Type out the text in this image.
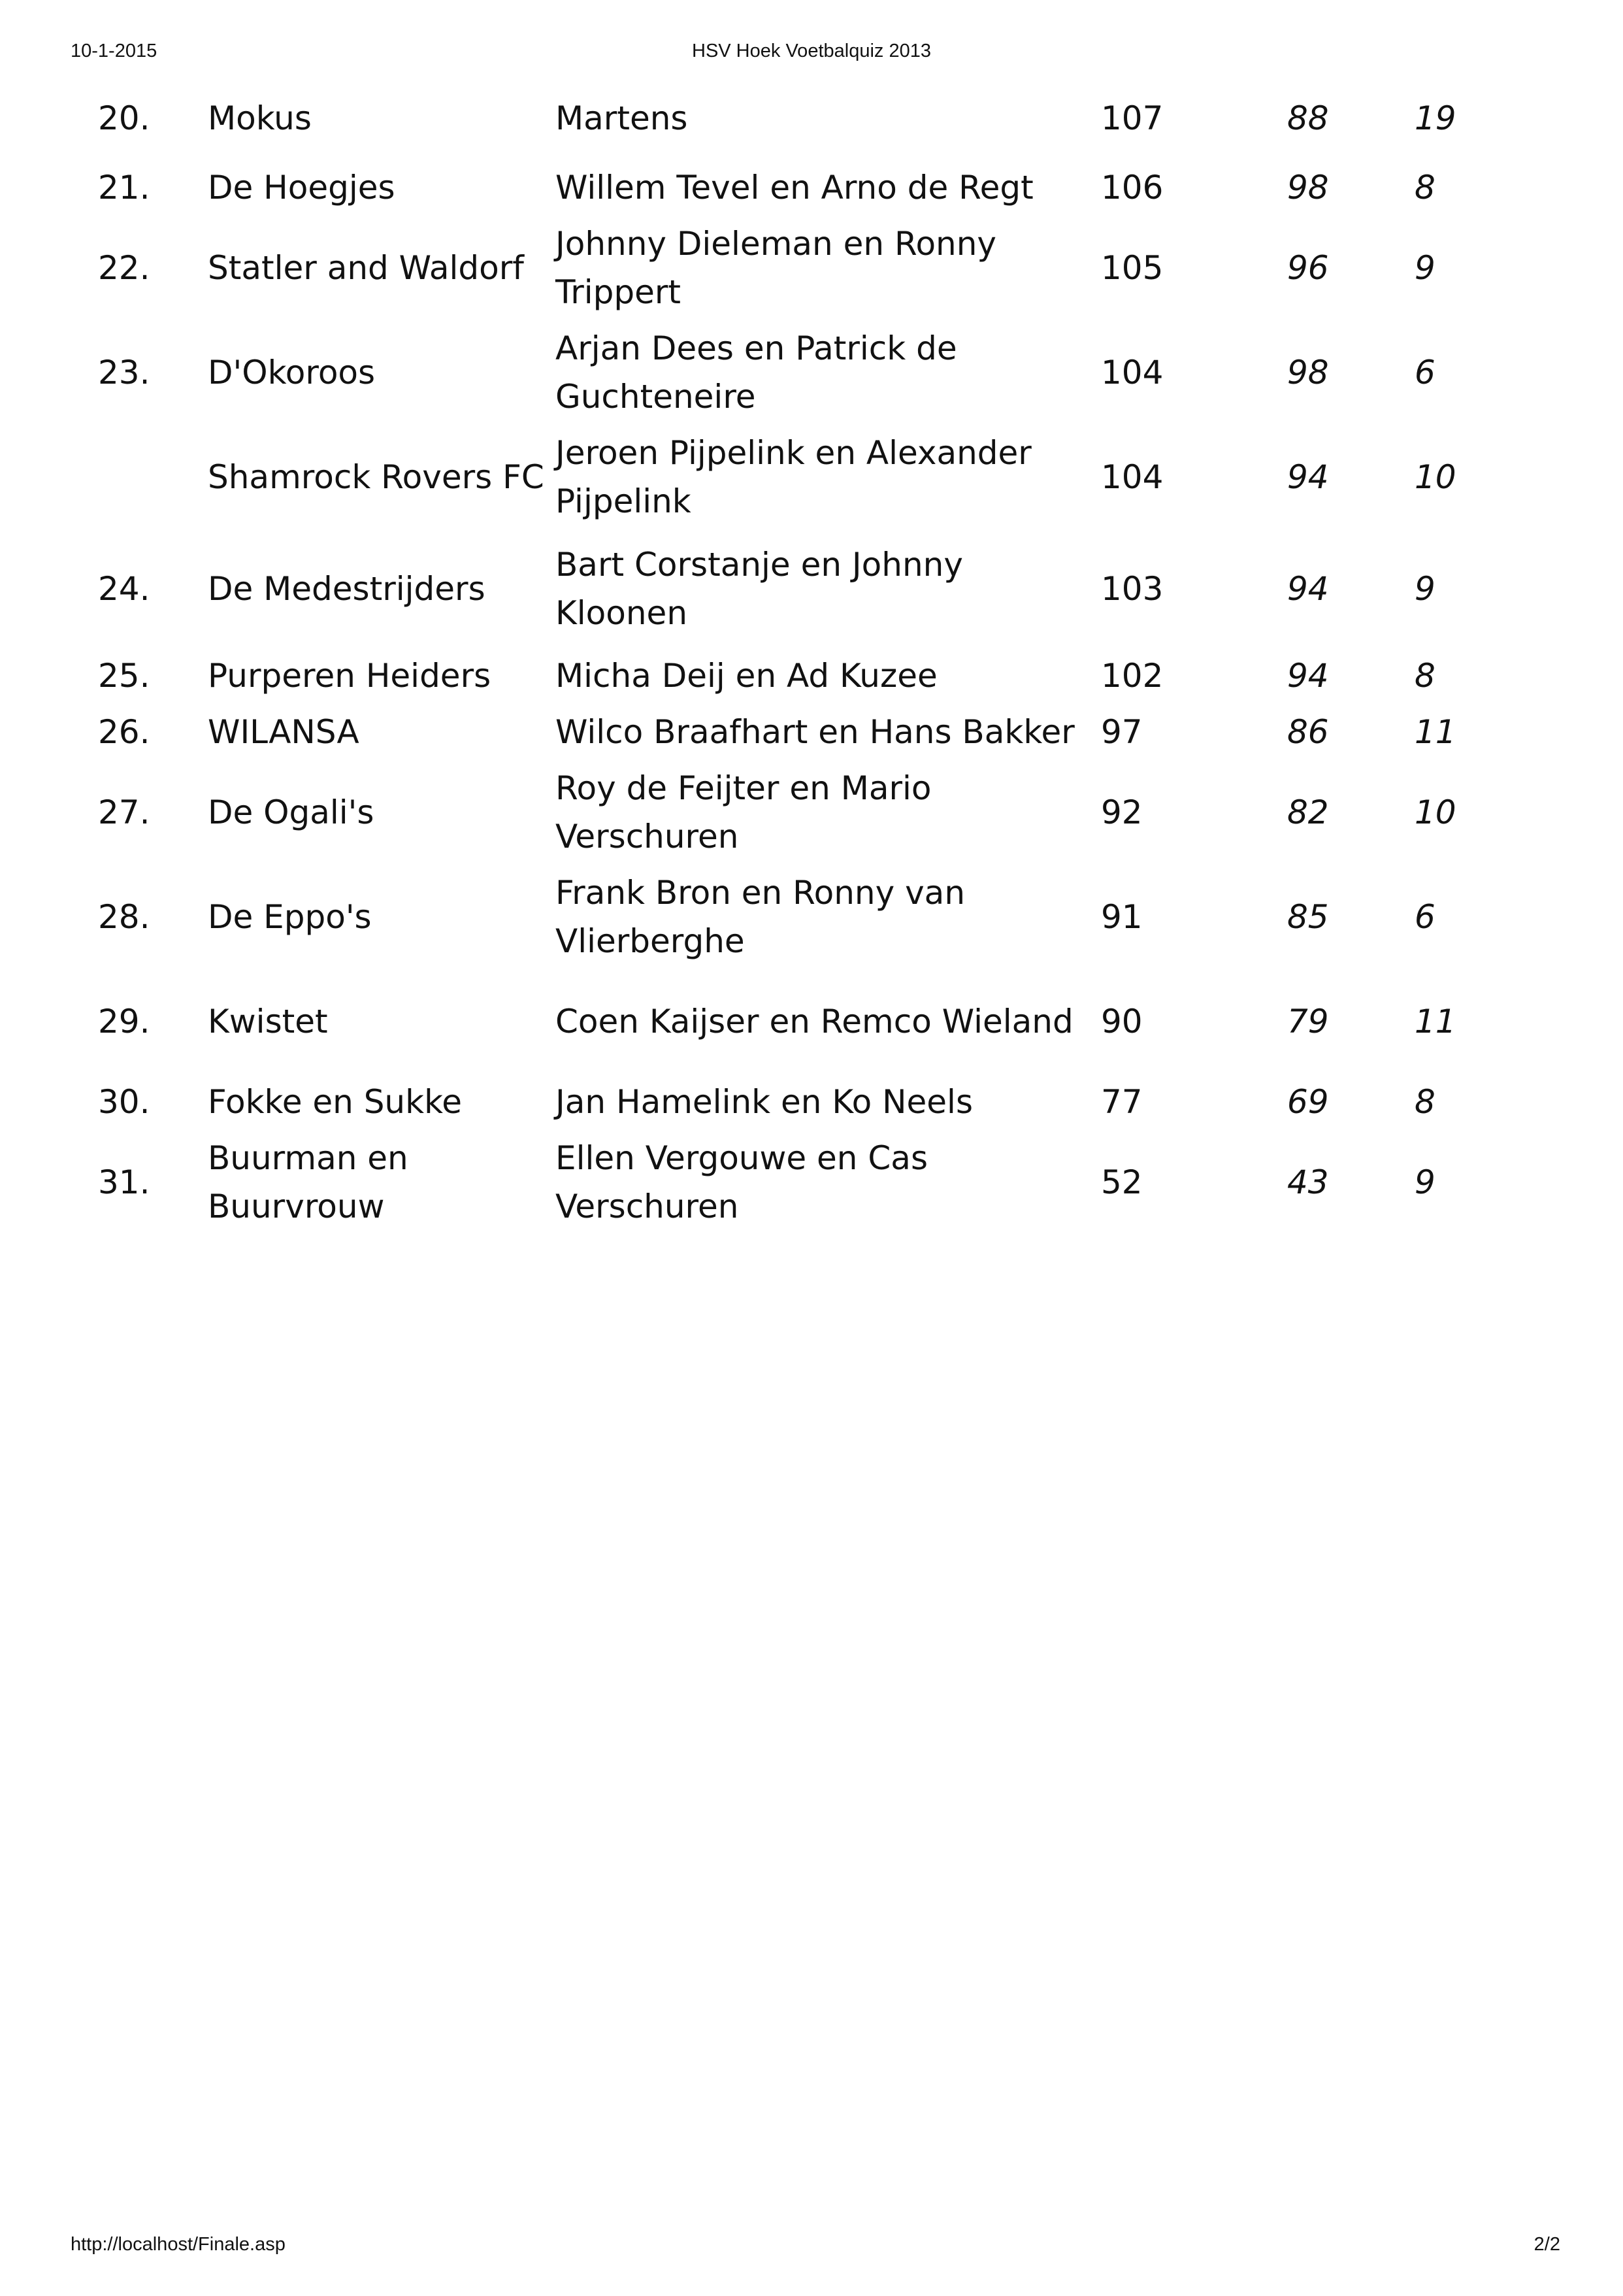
10-1-2015	HSV Hoek Voetbalquiz 2013
	20.	Mokus	Martens	107	88	19
	21.	De Hoegjes	Willem Tevel en Arno de Regt	106	98	8
	22.	Statler and Waldorf	Johnny Dieleman en Ronny Trippert	105	96	9
	23.	D'Okoroos	Arjan Dees en Patrick de Guchteneire	104	98	6
		Shamrock Rovers FC	Jeroen Pijpelink en Alexander Pijpelink	104	94	10
	24.	De Medestrijders	Bart Corstanje en Johnny Kloonen	103	94	9
	25.	Purperen Heiders	Micha Deij en Ad Kuzee	102	94	8
	26.	WILANSA	Wilco Braafhart en Hans Bakker	97	86	11
	27.	De Ogali's	Roy de Feijter en Mario Verschuren	92	82	10
	28.	De Eppo's	Frank Bron en Ronny van Vlierberghe	91	85	6
	29.	Kwistet	Coen Kaijser en Remco Wieland	90	79	11
	30.	Fokke en Sukke	Jan Hamelink en Ko Neels	77	69	8
	31.	Buurman en Buurvrouw	Ellen Vergouwe en Cas Verschuren	52	43	9
http://localhost/Finale.asp	2/2
